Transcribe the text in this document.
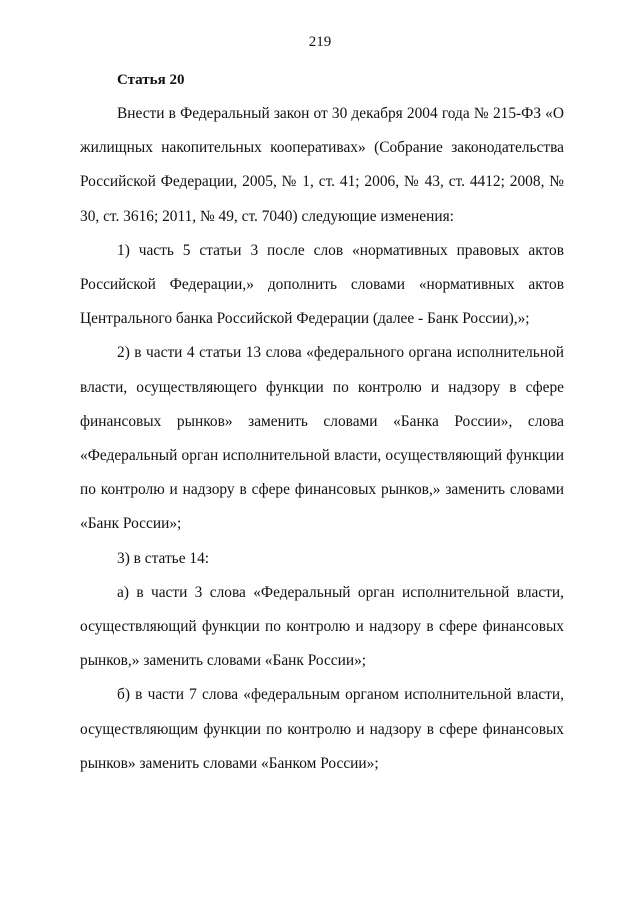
219
Статья 20

Внести в Федеральный закон от 30 декабря 2004 года № 215-ФЗ «О жилищных накопительных кооперативах» (Собрание законодательства Российской Федерации, 2005, № 1, ст. 41; 2006, № 43, ст. 4412; 2008, № 30, ст. 3616; 2011, № 49, ст. 7040) следующие изменения:

1) часть 5 статьи 3 после слов «нормативных правовых актов Российской Федерации,» дополнить словами «нормативных актов Центрального банка Российской Федерации (далее - Банк России),»;

2) в части 4 статьи 13 слова «федерального органа исполнительной власти, осуществляющего функции по контролю и надзору в сфере финансовых рынков» заменить словами «Банка России», слова «Федеральный орган исполнительной власти, осуществляющий функции по контролю и надзору в сфере финансовых рынков,» заменить словами «Банк России»;

3) в статье 14:

а) в части 3 слова «Федеральный орган исполнительной власти, осуществляющий функции по контролю и надзору в сфере финансовых рынков,» заменить словами «Банк России»;

б) в части 7 слова «федеральным органом исполнительной власти, осуществляющим функции по контролю и надзору в сфере финансовых рынков» заменить словами «Банком России»;
